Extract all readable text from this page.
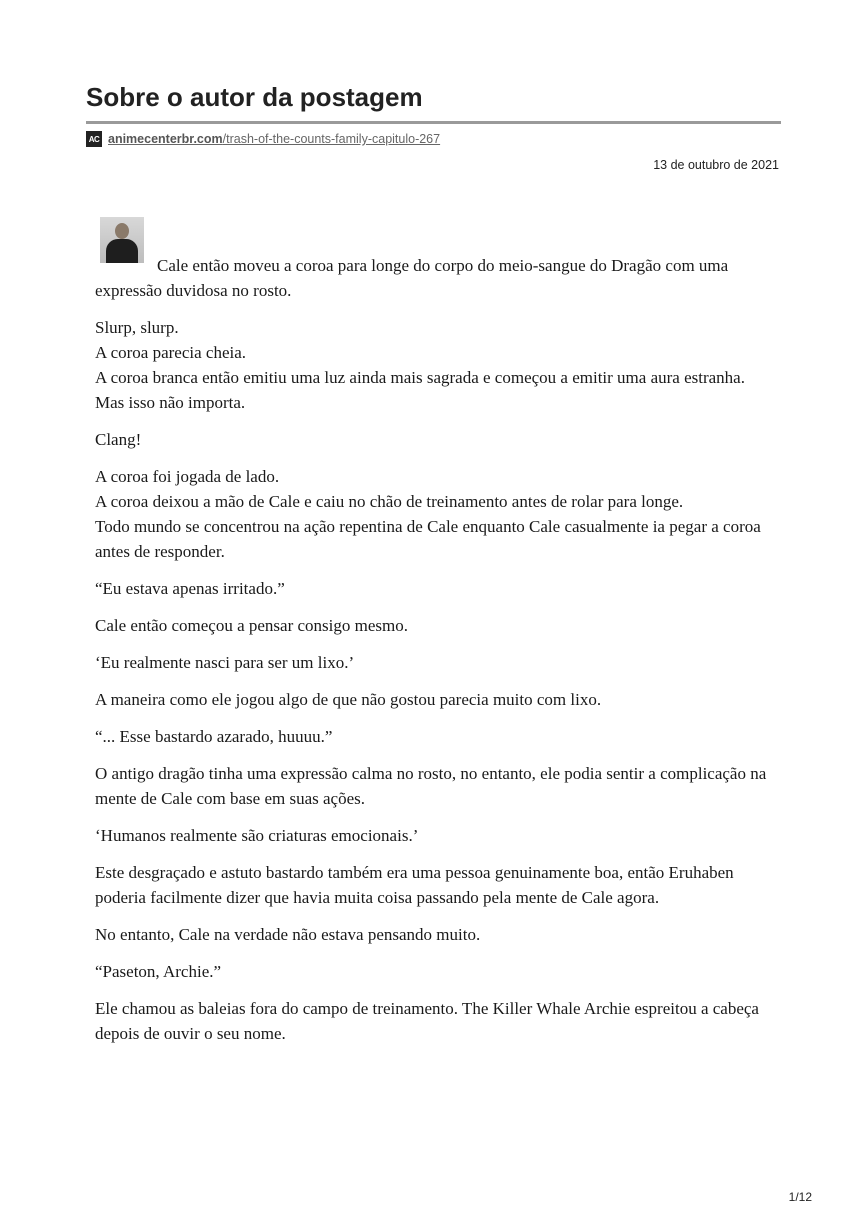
Sobre o autor da postagem
AC animecenterbr.com/trash-of-the-counts-family-capitulo-267
13 de outubro de 2021

Cale então moveu a coroa para longe do corpo do meio-sangue do Dragão com uma expressão duvidosa no rosto.

Slurp, slurp.
A coroa parecia cheia.
A coroa branca então emitiu uma luz ainda mais sagrada e começou a emitir uma aura estranha.
Mas isso não importa.

Clang!

A coroa foi jogada de lado.
A coroa deixou a mão de Cale e caiu no chão de treinamento antes de rolar para longe.
Todo mundo se concentrou na ação repentina de Cale enquanto Cale casualmente ia pegar a coroa antes de responder.

“Eu estava apenas irritado.”

Cale então começou a pensar consigo mesmo.

‘Eu realmente nasci para ser um lixo.’

A maneira como ele jogou algo de que não gostou parecia muito com lixo.

“... Esse bastardo azarado, huuuu.”

O antigo dragão tinha uma expressão calma no rosto, no entanto, ele podia sentir a complicação na mente de Cale com base em suas ações.

‘Humanos realmente são criaturas emocionais.’

Este desgraçado e astuto bastardo também era uma pessoa genuinamente boa, então Eruhaben poderia facilmente dizer que havia muita coisa passando pela mente de Cale agora.

No entanto, Cale na verdade não estava pensando muito.

“Paseton, Archie.”

Ele chamou as baleias fora do campo de treinamento. The Killer Whale Archie espreitou a cabeça depois de ouvir o seu nome.

1/12
